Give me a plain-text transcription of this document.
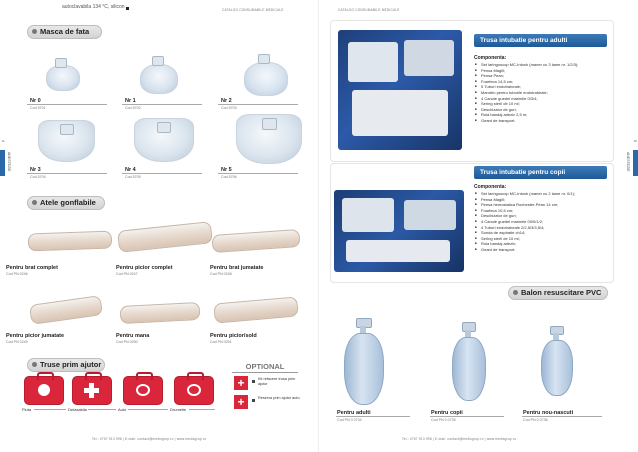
autoclavabila 134 °C, silicon	CATALOG CONSUMABILE MEDICALE	CATALOG CONSUMABILE MEDICALE
4
ANESTEZIE
5
ANESTEZIE
Masca de fata
Nr 0
Cod 5701
Nr 1
Cod 5702
Nr 2
Cod 5703
Nr 3
Cod 5704
Nr 4
Cod 5705
Nr 5
Cod 5706
Atele gonflabile
Pentru brat complet
Cod PN 0246
Pentru picior complet
Cod PN 0247
Pentru brat jumatate
Cod PN 0248
Pentru picior jumatate
Cod PN 0249
Pentru mana
Cod PN 0250
Pentru picior/sold
Cod PN 0251
Truse prim ajutor
Pluta	Detasabila	Auto	Drumetie
OPTIONAL
+	Kit refacere trusa prim ajutor
+	Reserva prim ajutor auto
Tel.: 0757 913 998 | E-mail: contact@medisgrup.ro | www.medisgrup.ro
Trusa intubatie pentru adulti
Componenta:
■ Set laringoscop MC-Intosh (maner cu 3 lame nr. 1/2/3);
■ Pensa Magill;
■ Pensa Pean;
■ Foarfeca 14,5 cm;
■ 5 Tuburi endotraheale;
■ Mandrin pentru tuburile endotraheale;
■ 4 Canule guedel marimile 0/3/4;
■ Sering steril de 10 ml;
■ Deschizator de guri;
■ Rola bandaj adeziv 2,5 m;
■ Geant de transport.
Trusa intubatie pentru copii
Componenta:
■ Set laringoscop MC-Intosh (maner cu 2 lame nr. 0/1);
■ Pensa Magill;
■ Pensa hemostatica Rochester-Pean 14 cm;
■ Foarfeca 10,5 cm;
■ Deschizator de guri;
■ 4 Canule guedel marimile 00/0/1/2;
■ 4 Tuburi endotraheale 2/2,5/3/3,5/4;
■ Sonda de aspiratie ch14;
■ Sering steril de 10 ml;
■ Rola bandaj adeziv;
■ Geant de transport.
Balon resuscitare PVC
Pentru adulti
Cod PN 0 0734
Pentru copii
Cod PN 0 0735
Pentru nou-nascuti
Cod PN 0 0736
Tel.: 0757 913 998 | E-mail: contact@medisgrup.ro | www.medisgrup.ro
